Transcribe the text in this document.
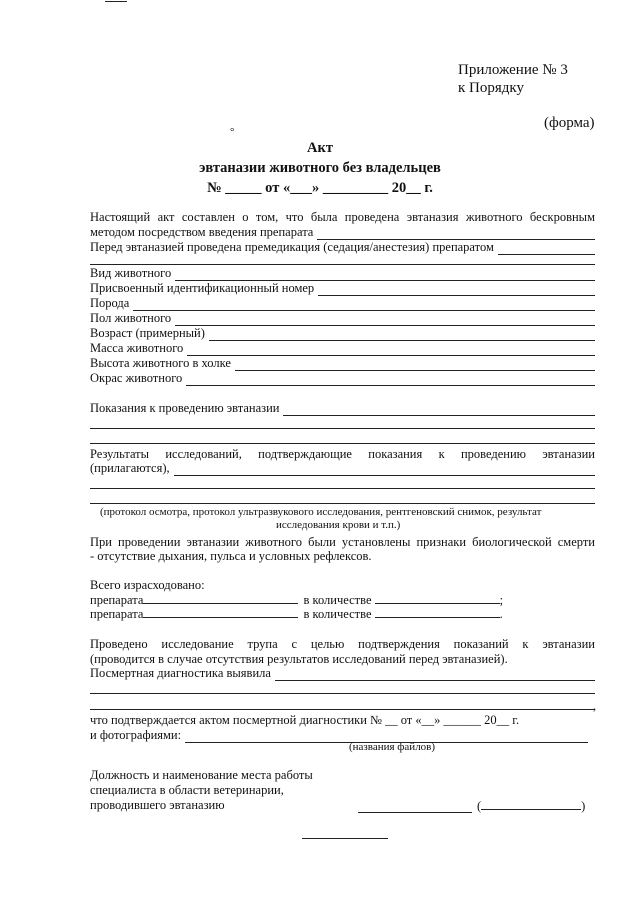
Приложение № 3
к Порядку
(форма)
°
Акт
эвтаназии животного без владельцев
№ _____ от «___» _________ 20__ г.
Настоящий акт составлен о том, что была проведена эвтаназия животного бескровным
методом посредством введения препарата
Перед эвтаназией проведена премедикация (седация/анестезия) препаратом
Вид животного
Присвоенный идентификационный номер
Порода
Пол животного
Возраст (примерный)
Масса животного
Высота животного в холке
Окрас животного
Показания к проведению эвтаназии
Результаты исследований, подтверждающие показания к проведению эвтаназии
(прилагаются),
(протокол осмотра, протокол ультразвукового исследования, рентгеновский снимок, результат
исследования крови и т.п.)
При проведении эвтаназии животного были установлены признаки биологической смерти
- отсутствие дыхания, пульса и условных рефлексов.
Всего израсходовано:
препарата	в количестве	;
препарата	в количестве	.
Проведено исследование трупа с целью подтверждения показаний к эвтаназии
(проводится в случае отсутствия результатов исследований перед эвтаназией).
Посмертная диагностика выявила
,
что подтверждается актом посмертной диагностики № __ от «__» ______ 20__ г.
и фотографиями:
(названия файлов)
Должность и наименование места работы
специалиста в области ветеринарии,
проводившего эвтаназию	(	)
